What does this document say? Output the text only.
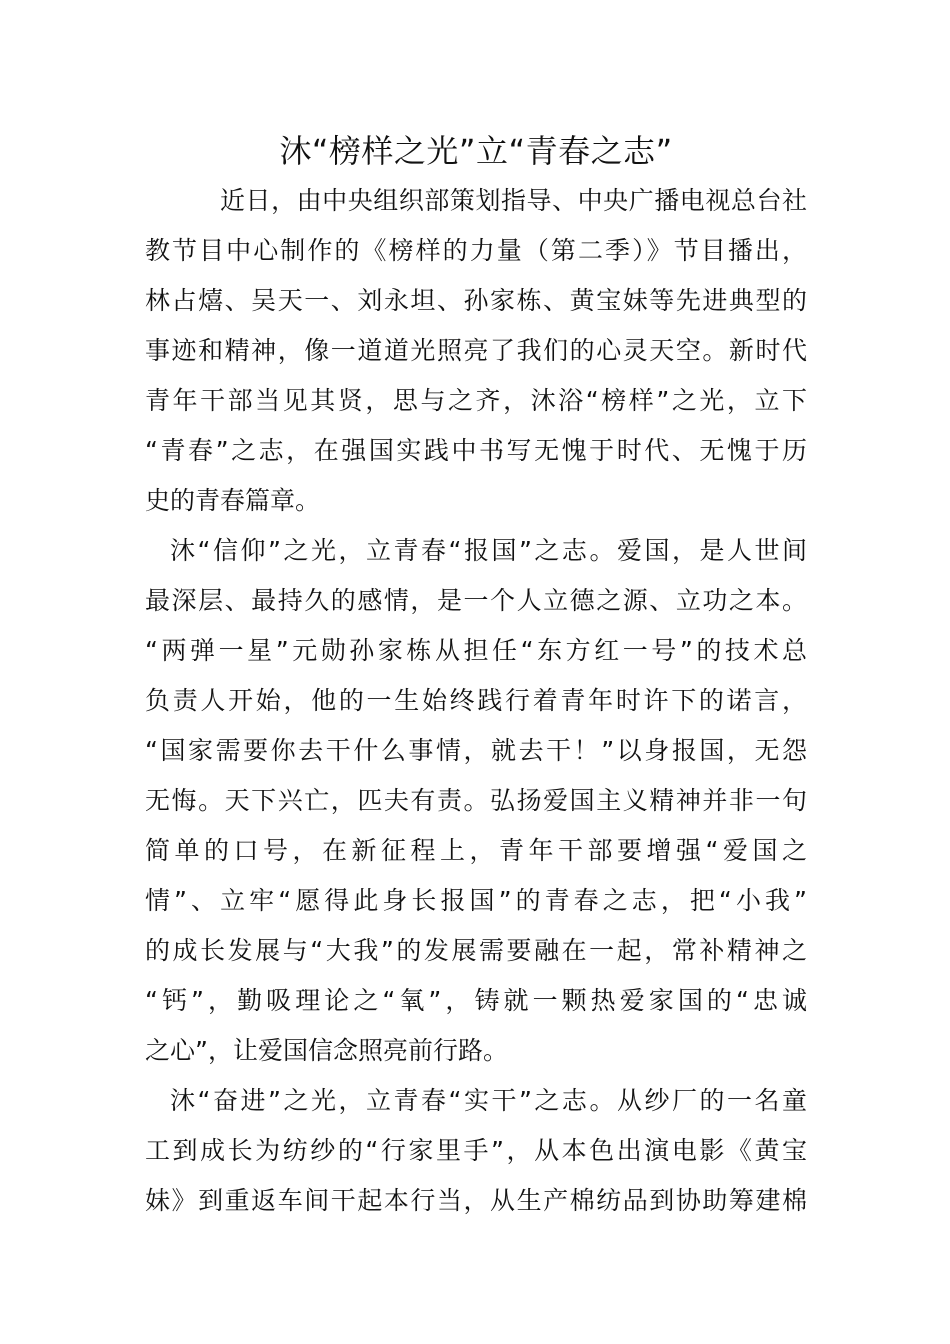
沐“榜样之光”立“青春之志”
近日，由中央组织部策划指导、中央广播电视总台社
教节目中心制作的《榜样的力量（第二季）》节目播出，
林占熺、吴天一、刘永坦、孙家栋、黄宝妹等先进典型的
事迹和精神，像一道道光照亮了我们的心灵天空。新时代
青年干部当见其贤，思与之齐，沐浴“榜样”之光，立下
“青春”之志，在强国实践中书写无愧于时代、无愧于历
史的青春篇章。
沐“信仰”之光，立青春“报国”之志。爱国，是人世间
最深层、最持久的感情，是一个人立德之源、立功之本。
“两弹一星”元勋孙家栋从担任“东方红一号”的技术总
负责人开始，他的一生始终践行着青年时许下的诺言，
“国家需要你去干什么事情，就去干！”以身报国，无怨
无悔。天下兴亡，匹夫有责。弘扬爱国主义精神并非一句
简单的口号，在新征程上，青年干部要增强“爱国之
情”、立牢“愿得此身长报国”的青春之志，把“小我”
的成长发展与“大我”的发展需要融在一起，常补精神之
“钙”，勤吸理论之“氧”，铸就一颗热爱家国的“忠诚
之心”，让爱国信念照亮前行路。
沐“奋进”之光，立青春“实干”之志。从纱厂的一名童
工到成长为纺纱的“行家里手”，从本色出演电影《黄宝
妹》到重返车间干起本行当，从生产棉纺品到协助筹建棉
